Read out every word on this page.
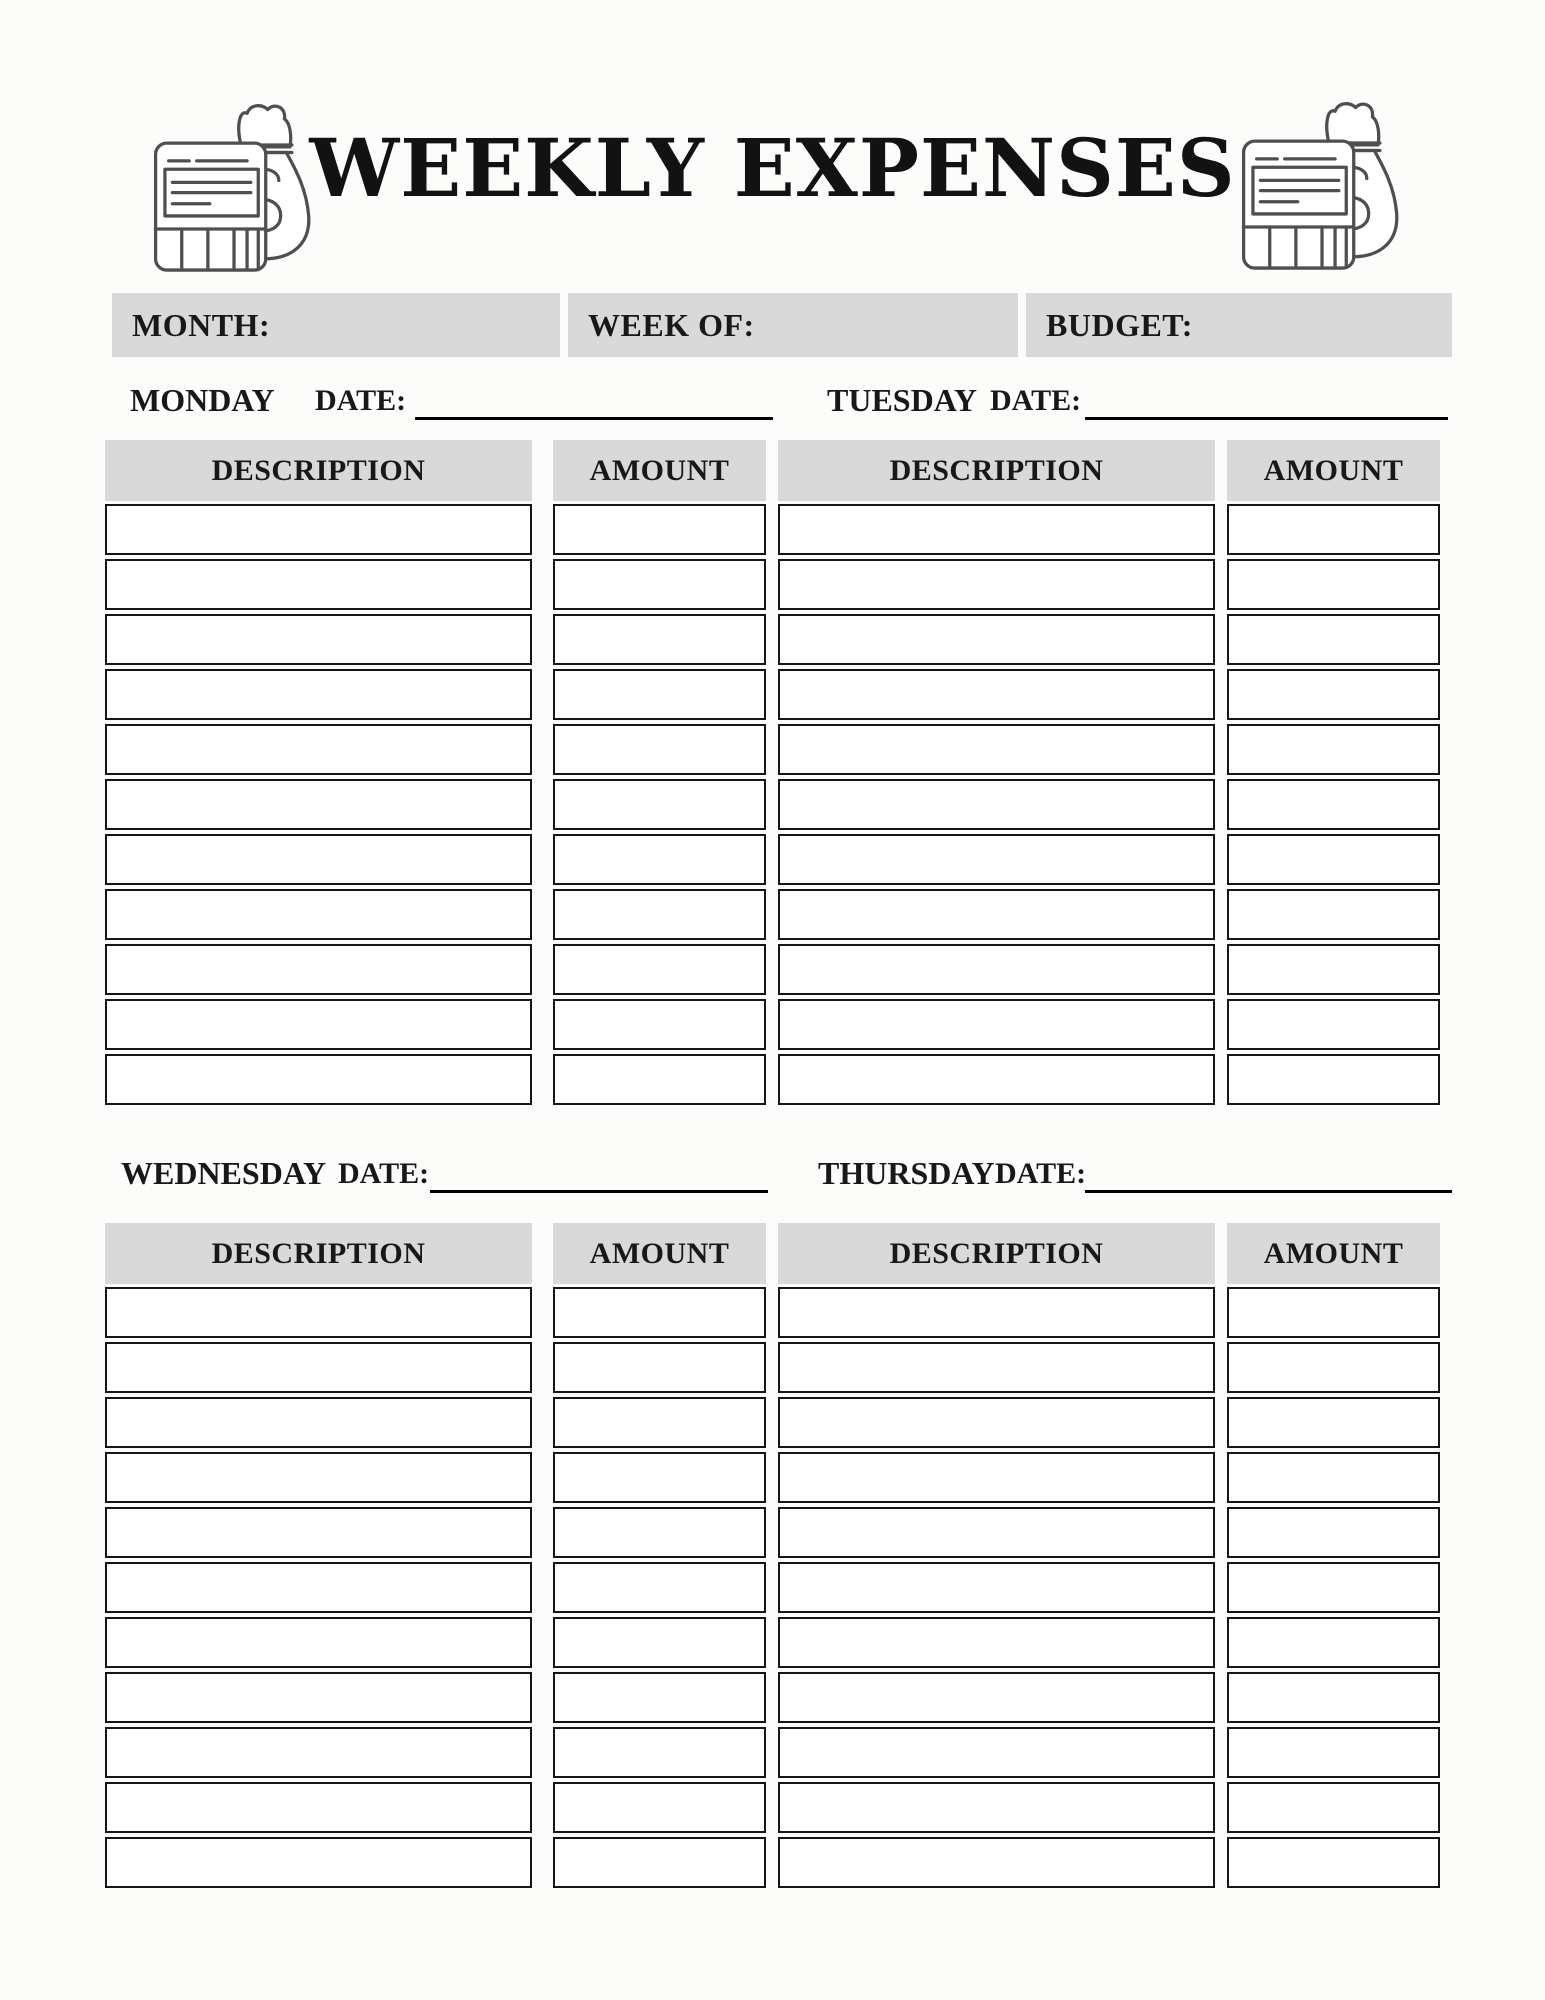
WEEKLY EXPENSES
MONTH:	WEEK OF:	BUDGET:
MONDAY DATE:	TUESDAY DATE:
DESCRIPTION	AMOUNT	DESCRIPTION	AMOUNT
WEDNESDAY DATE:	THURSDAY DATE:
DESCRIPTION	AMOUNT	DESCRIPTION	AMOUNT
